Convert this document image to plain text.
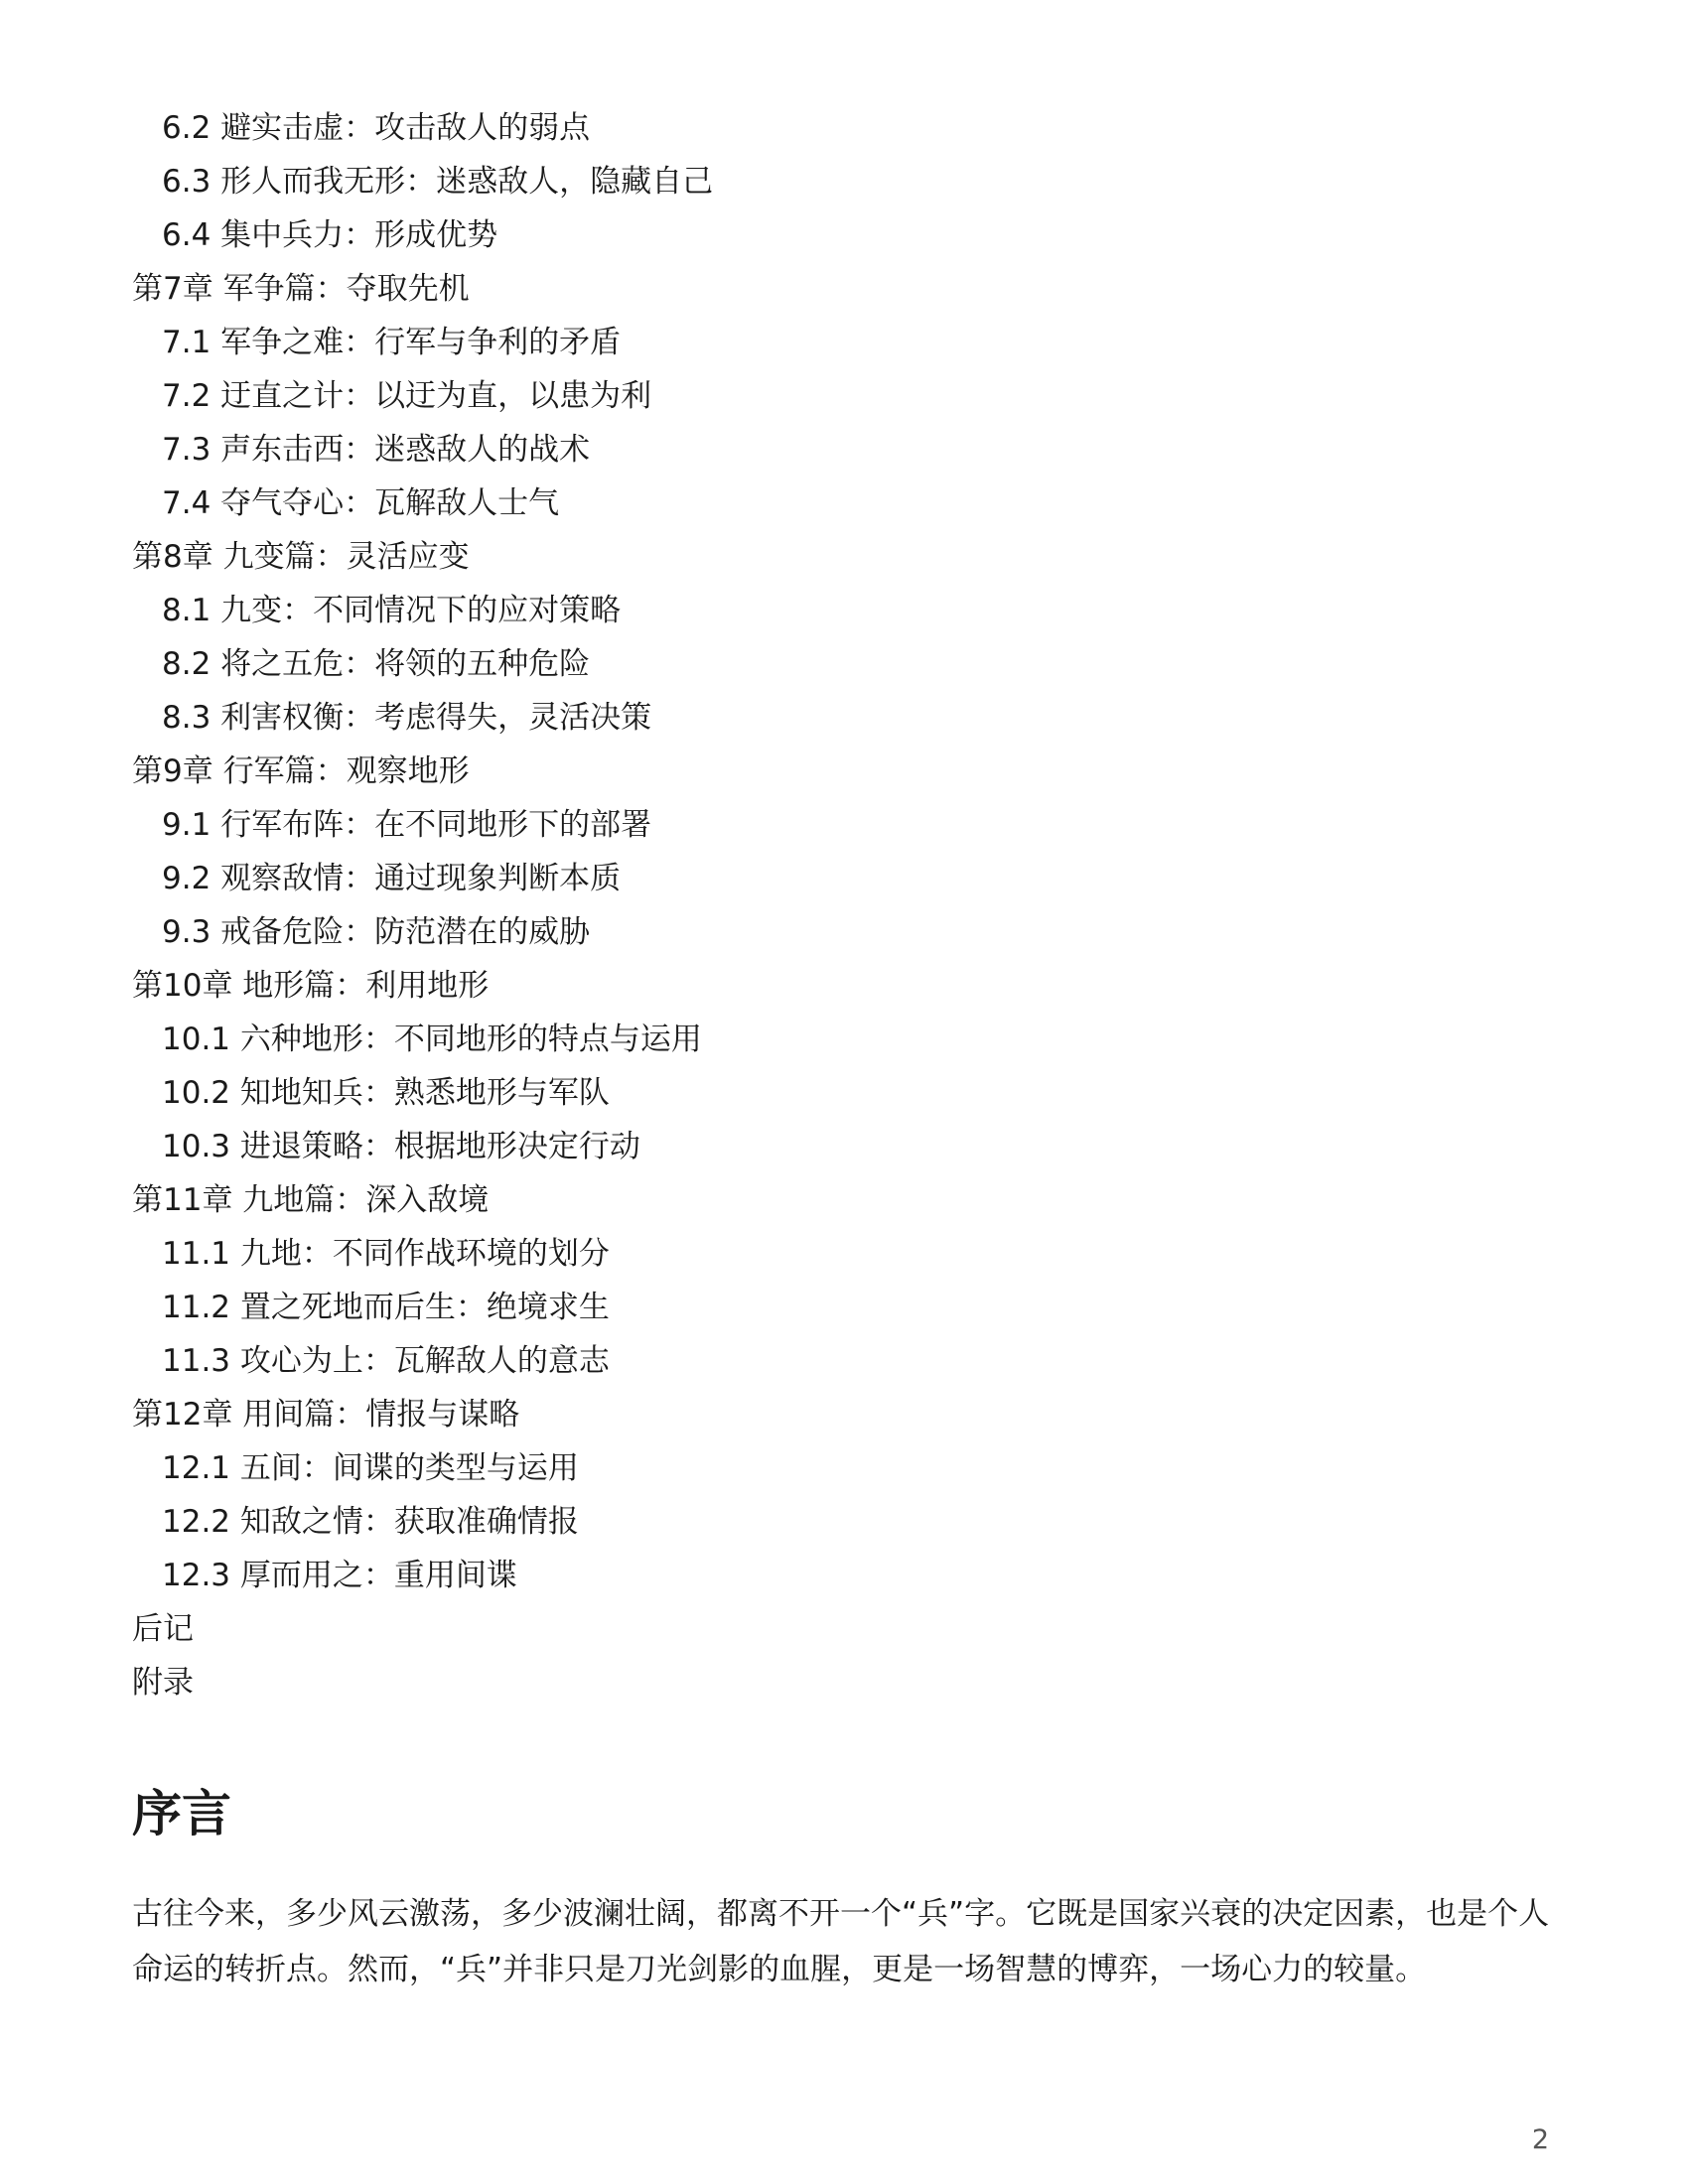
6.2 避实击虚：攻击敌人的弱点
6.3 形人而我无形：迷惑敌人，隐藏自己
6.4 集中兵力：形成优势
第7章 军争篇：夺取先机
7.1 军争之难：行军与争利的矛盾
7.2 迂直之计：以迂为直，以患为利
7.3 声东击西：迷惑敌人的战术
7.4 夺气夺心：瓦解敌人士气
第8章 九变篇：灵活应变
8.1 九变：不同情况下的应对策略
8.2 将之五危：将领的五种危险
8.3 利害权衡：考虑得失，灵活决策
第9章 行军篇：观察地形
9.1 行军布阵：在不同地形下的部署
9.2 观察敌情：通过现象判断本质
9.3 戒备危险：防范潜在的威胁
第10章 地形篇：利用地形
10.1 六种地形：不同地形的特点与运用
10.2 知地知兵：熟悉地形与军队
10.3 进退策略：根据地形决定行动
第11章 九地篇：深入敌境
11.1 九地：不同作战环境的划分
11.2 置之死地而后生：绝境求生
11.3 攻心为上：瓦解敌人的意志
第12章 用间篇：情报与谋略
12.1 五间：间谍的类型与运用
12.2 知敌之情：获取准确情报
12.3 厚而用之：重用间谍
后记
附录
序言

古往今来，多少风云激荡，多少波澜壮阔，都离不开一个“兵”字。它既是国家兴衰的决定因素，也是个人命运的转折点。然而，“兵”并非只是刀光剑影的血腥，更是一场智慧的博弈，一场心力的较量。

2
